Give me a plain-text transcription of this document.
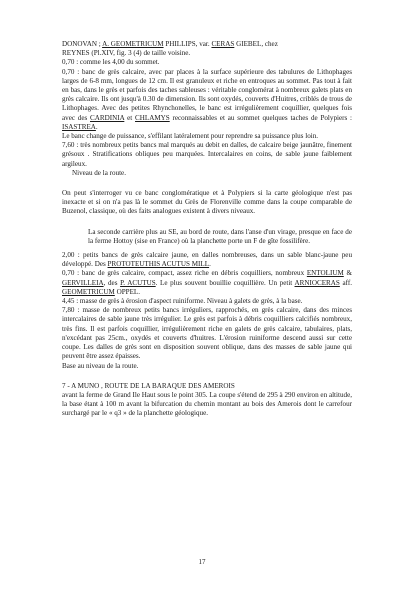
DONOVAN ; A. GEOMETRICUM PHILLIPS, var. CERAS GIEBEL, chez
REYNES (Pl.XIV, fig. 3 (4) de taille voisine.

0,70 : comme les 4,00 du sommet.

0,70 : banc de grès calcaire, avec par places à la surface supérieure des tabulures de Lithophages larges de 6-8 mm, longues de 12 cm. Il est granuleux et riche en entroques au sommet. Pas tout à fait en bas, dans le grès et parfois des taches sableuses : véritable conglomérat à nombreux galets plats en grès calcaire. Ils ont jusqu'à 0.30 de dimension. Ils sont oxydés, couverts d'Huitres, criblés de trous de Lithophages. Avec des petites Rhynchonelles, le banc est irrégulièrement coquillier, quelques fois avec des CARDINIA et CHLAMYS reconnaissables et au sommet quelques taches de Polypiers : ISASTREA.

Le banc change de puissance, s'effilant latéralement pour reprendre sa puissance plus loin.

7,60 : très nombreux petits bancs mal marqués au debit en dalles, de calcaire beige jaunâtre, finement grésoux . Stratifications obliques peu marquées. Intercalaires en coins, de sable jaune faiblement argileux.

Niveau de la route.

On peut s'interroger vu ce banc conglomératique et à Polypiers si la carte géologique n'est pas inexacte et si on n'a pas là le sommet du Grès de Florenville comme dans la coupe comparable de Buzenol, classique, où des faits analogues existent à divers niveaux.

La seconde carrière plus au SE, au bord de route, dans l'anse d'un virage, presque en face de la ferme Hottoy (sise en France) où la planchette porte un F de gîte fossilifère.

2,00 : petits bancs de grès calcaire jaune, en dalles nombreuses, dans un sable blanc-jaune peu développé. Des PROTOTEUTHIS ACUTUS MILL.

0,70 : banc de grès calcaire, compact, assez riche en débris coquilliers, nombreux ENTOLIUM & GERVILLEIA, des P. ACUTUS. Le plus souvent bouillie coquillière. Un petit ARNIOCERAS aff. GEOMETRICUM OPPEL.

4,45 : masse de grès à érosion d'aspect ruiniforme. Niveau à galets de grès, à la base.

7,80 : masse de nombreux petits bancs irréguliers, rapprochés, en grès calcaire, dans des minces intercalaires de sable jaune très irrégulier. Le grès est parfois à débris coquilliers calcifiés nombreux, très fins. Il est parfois coquillier, irrégulièrement riche en galets de grès calcaire, tabulaires, plats, n'excédant pas 25cm., oxydés et couverts d'huitres. L'érosion ruiniforme descend aussi sur cette coupe. Les dalles de grès sont en disposition souvent oblique, dans des masses de sable jaune qui peuvent être assez épaisses.

Base au niveau de la route.

7 - A MUNO , ROUTE DE LA BARAQUE DES AMEROIS

avant la ferme de Grand Ile Haut sous le point 305. La coupe s'étend de 295 à 290 environ en altitude, la base étant à 100 m avant la bifurcation du chemin montant au bois des Amerois dont le carrefour surchargé par le « q3 » de la planchette géologique.

17
